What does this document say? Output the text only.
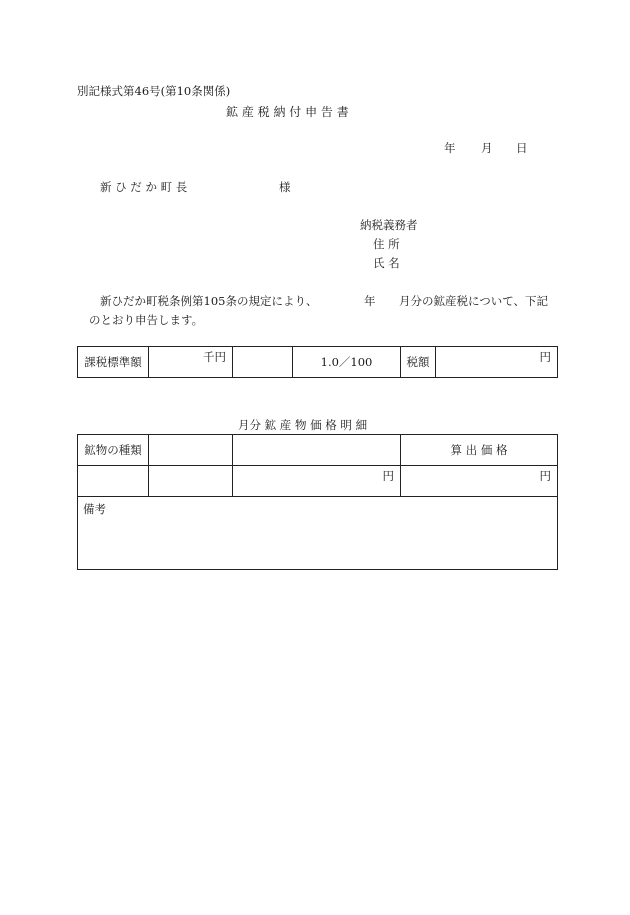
別記様式第46号(第10条関係)
鉱 産 税 納 付 申 告 書
年 月 日
新 ひ だ か 町 長	様
納税義務者
住 所
氏 名
新ひだか町税条例第105条の規定により、	年 月分の鉱産税について、下記
のとおり申告します。
課税標準額	千円		1.0／100	税額	円
月分 鉱 産 物 価 格 明 細
鉱物の種類			算 出 価 格

		円	円

備考			
